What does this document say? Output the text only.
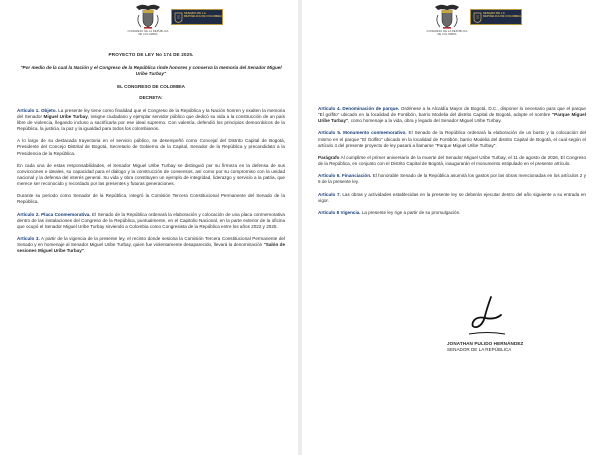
CONGRESO DE LA REPÚBLICA DE COLOMBIA
SENADO DE LA REPÚBLICA DE COLOMBIA

PROYECTO DE LEY No 174 DE 2025.

"Por medio de la cual la Nación y el Congreso de la República rinde honores y conserva la memoria del Senador Miguel Uribe Turbay"

EL CONGRESO DE COLOMBIA

DECRETA:

Artículo 1. Objeto. La presente ley tiene como finalidad que el Congreso de la República y la Nación honren y exalten la memoria del Senador Miguel Uribe Turbay, insigne ciudadano y ejemplar servidor público que dedicó su vida a la construcción de un país libre de violencia, llegando incluso a sacrificarla por ese ideal supremo. Con valentía, defendió los principios democráticos de la República, la justicia, la paz y la igualdad para todos los colombianos.

A lo largo de su destacada trayectoria en el servicio público, se desempeñó como Concejal del Distrito Capital de Bogotá, Presidente del Concejo Distrital de Bogotá, Secretario de Gobierno de la Capital, Senador de la República y precandidato a la Presidencia de la República.

En cada una de estas responsabilidades, el Senador Miguel Uribe Turbay se distinguió por su firmeza en la defensa de sus convicciones e ideales, su capacidad para el diálogo y la construcción de consensos, así como por su compromiso con la unidad nacional y la defensa del interés general. Su vida y obra constituyen un ejemplo de integridad, liderazgo y servicio a la patria, que merece ser reconocido y recordado por las presentes y futuras generaciones.

Durante su periodo como Senador de la República, integró la Comisión Tercera Constitucional Permanente del Senado de la República.

Artículo 2. Placa Conmemorativa. El Senado de la República ordenará la elaboración y colocación de una placa conmemorativa dentro de las instalaciones del Congreso de la República, puntualmente, en el Capitolio Nacional, en la parte exterior de la oficina que ocupó el Senador Miguel Uribe Turbay sirviendo a Colombia como Congresista de la República entre los años 2022 y 2025.

Artículo 3. A partir de la vigencia de la presente ley, el recinto donde sesiona la Comisión Tercera Constitucional Permanente del Senado y en homenaje al Senador Miguel Uribe Turbay, quien fue violentamente desaparecido, llevará la denominación "Salón de sesiones Miguel Uribe Turbay".

CONGRESO DE LA REPÚBLICA DE COLOMBIA
SENADO DE LA REPÚBLICA DE COLOMBIA

Artículo 4. Denominación de parque. Ordénese a la Alcaldía Mayor de Bogotá, D.C., disponer lo necesario para que el parque "El golfito" ubicado en la localidad de Fontibón, barrio Modelia del distrito Capital de Bogotá, adopte el nombre "Parque Miguel Uribe Turbay", como homenaje a la vida, obra y legado del Senador Miguel Uribe Turbay.

Artículo 5. Monumento conmemorativo. El Senado de la República ordenará la elaboración de un busto y la colocación del mismo en el parque "El Golfito" ubicado en la localidad de Fontibón, barrio Modelia del distrito Capital de Bogotá, el cual según el artículo 4 del presente proyecto de ley pasará a llamarse "Parque Miguel Uribe Turbay".

Parágrafo Al cumplirse el primer aniversario de la muerte del Senador Miguel Uribe Turbay, el 11 de agosto de 2026, El Congreso de la República, en conjunto con el Distrito Capital de Bogotá, inaugurarán el monumento estipulado en el presente artículo.

Artículo 6. Financiación. El honorable Senado de la República asumirá los gastos por las obras mencionadas en los artículos 2 y 5 de la presente ley.

Artículo 7. Las obras y actividades establecidas en la presente ley se deberán ejecutar dentro del año siguiente a su entrada en vigor.

Artículo 8 Vigencia. La presente ley rige a partir de su promulgación.

JONATHAN PULIDO HERNÁNDEZ

SENADOR DE LA REPÚBLICA
